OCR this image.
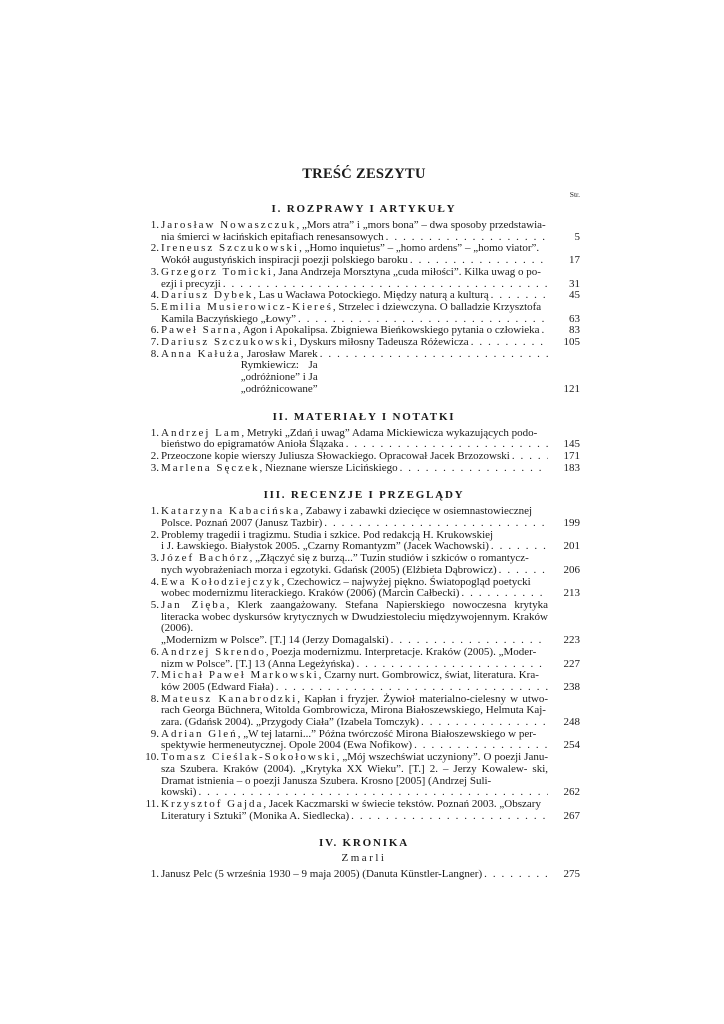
TREŚĆ ZESZYTU
Str.
I. ROZPRAWY I ARTYKUŁY
1. Jarosław Nowaszczuk, „Mors atra” i „mors bona” – dwa sposoby przedstawia-
nia śmierci w łacińskich epitafiach renesansowych . . .	5
2. Ireneusz Szczukowski, „Homo inquietus” – „homo ardens” – „homo viator”.
Wokół augustyńskich inspiracji poezji polskiego baroku . . .	17
3. Grzegorz Tomicki, Jana Andrzeja Morsztyna „cuda miłości”. Kilka uwag o po-
ezji i precyzji . . .	31
4. Dariusz Dybek , Las u Wacława Potockiego. Między naturą a kulturą . . .	45
5. Emilia Musierowicz-Kiereś, Strzelec i dziewczyna. O balladzie Krzysztofa
Kamila Baczyńskiego „Łowy” . . .	63
6. Paweł Sarna , Agon i Apokalipsa. Zbigniewa Bieńkowskiego pytania o człowieka . . .	83
7. Dariusz Szczukowski , Dyskurs miłosny Tadeusza Różewicza . . .	105
8. Anna Kałuża , Jarosław Marek Rymkiewicz: Ja „odróżnione” i Ja „odróżnicowane”
. . .	121
II. MATERIAŁY I NOTATKI
1. Andrzej Lam, Metryki „Zdań i uwag” Adama Mickiewicza wykazujących podo-
bieństwo do epigramatów Anioła Ślązaka . . .	145
2. Przeoczone kopie wierszy Juliusza Słowackiego. Opracował Jacek Brzozowski . . .	171
3. Marlena Sęczek , Nieznane wiersze Licińskiego . . .	183
III. RECENZJE I PRZEGLĄDY
1. Katarzyna Kabacińska, Zabawy i zabawki dziecięce w osiemnastowiecznej
Polsce. Poznań 2007 (Janusz Tazbir) . . .	199
2. Problemy tragedii i tragizmu. Studia i szkice. Pod redakcją H. Krukowskiej
i J. Ławskiego. Białystok 2005. „Czarny Romantyzm” (Jacek Wachowski) . . .	201
3. Józef Bachórz, „Złączyć się z burzą...” Tuzin studiów i szkiców o romantycz-
nych wyobrażeniach morza i egzotyki. Gdańsk (2005) (Elżbieta Dąbrowicz) . . .	206
4. Ewa Kołodziejczyk, Czechowicz – najwyżej piękno. Światopogląd poetycki
wobec modernizmu literackiego. Kraków (2006) (Marcin Całbecki) . . .	213
5. Jan Zięba, Klerk zaangażowany. Stefana Napierskiego nowoczesna krytyka literacka wobec dyskursów krytycznych w Dwudziestoleciu międzywojennym. Kraków (2006).
„Modernizm w Polsce”. [T.] 14 (Jerzy Domagalski) . . .	223
6. Andrzej Skrendo, Poezja modernizmu. Interpretacje. Kraków (2005). „Moder-
nizm w Polsce”. [T.] 13 (Anna Legeżyńska) . . .	227
7. Michał Paweł Markowski, Czarny nurt. Gombrowicz, świat, literatura. Kra-
ków 2005 (Edward Fiała) . . .	238
8. Mateusz Kanabrodzki, Kapłan i fryzjer. Żywioł materialno-cielesny w utwo- rach Georga Büchnera, Witolda Gombrowicza, Mirona Białoszewskiego, Helmuta Kaj-
zara. (Gdańsk 2004). „Przygody Ciała” (Izabela Tomczyk) . . .	248
9. Adrian Gleń, „W tej latarni...” Późna twórczość Mirona Białoszewskiego w per-
spektywie hermeneutycznej. Opole 2004 (Ewa Nofikow) . . .	254
10. Tomasz Cieślak-Sokołowski, „Mój wszechświat uczyniony”. O poezji Janu- sza Szubera. Kraków (2004). „Krytyka XX Wieku”. [T.] 2. – Jerzy Kowalew- ski, Dramat istnienia – o poezji Janusza Szubera. Krosno [2005] (Andrzej Suli-
kowski) . . .	262
11. Krzysztof Gajda, Jacek Kaczmarski w świecie tekstów. Poznań 2003. „Obszary
Literatury i Sztuki” (Monika A. Siedlecka) . . .	267
IV. KRONIKA
Zmarli
1. Janusz Pelc (5 września 1930 – 9 maja 2005) (Danuta Künstler-Langner) . . .	275
